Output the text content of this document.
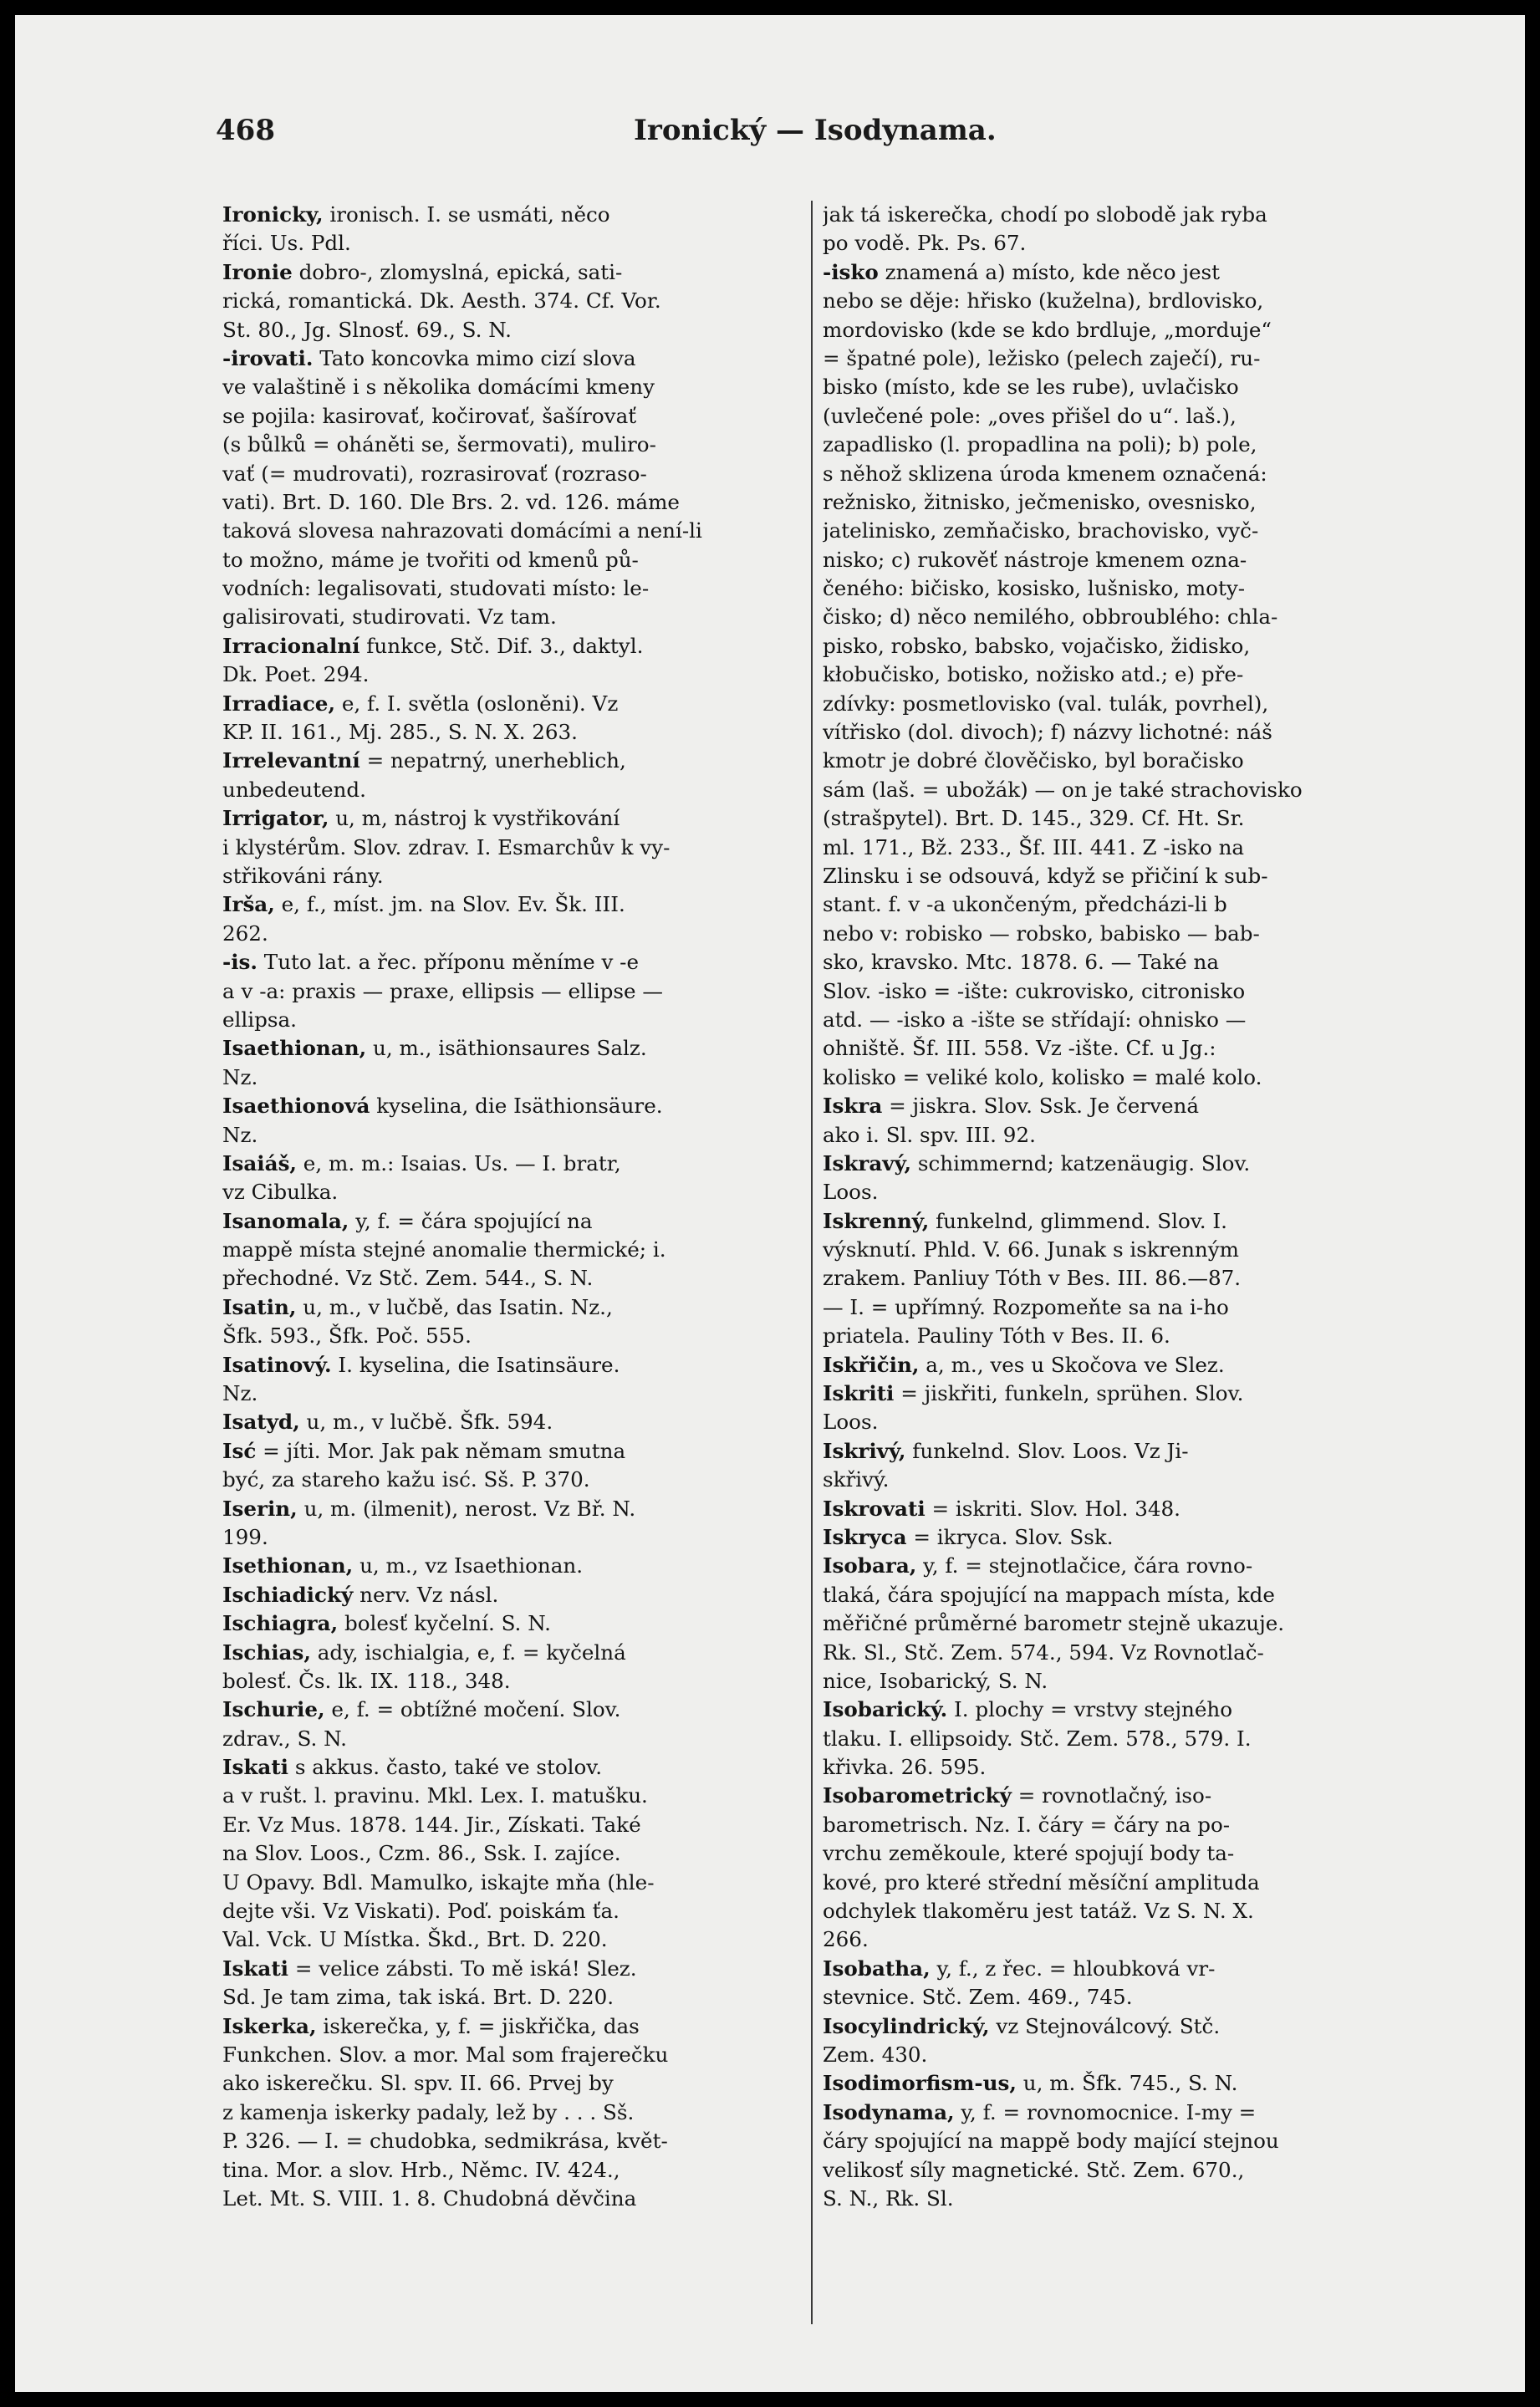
468	Ironický — Isodynama.
Ironicky, ironisch. I. se usmáti, něco
říci. Us. Pdl.
Ironie dobro-, zlomyslná, epická, sati-
rická, romantická. Dk. Aesth. 374. Cf. Vor.
St. 80., Jg. Slnosť. 69., S. N.
-irovati. Tato koncovka mimo cizí slova
ve valaštině i s několika domácími kmeny
se pojila: kasirovať, kočirovať, šašírovať
(s bůlků = oháněti se, šermovati), muliro-
vať (= mudrovati), rozrasirovať (rozraso-
vati). Brt. D. 160. Dle Brs. 2. vd. 126. máme
taková slovesa nahrazovati domácími a není-li
to možno, máme je tvořiti od kmenů pů-
vodních: legalisovati, studovati místo: le-
galisirovati, studirovati. Vz tam.
Irracionalní funkce, Stč. Dif. 3., daktyl.
Dk. Poet. 294.
Irradiace, e, f. I. světla (osloněni). Vz
KP. II. 161., Mj. 285., S. N. X. 263.
Irrelevantní = nepatrný, unerheblich,
unbedeutend.
Irrigator, u, m, nástroj k vystřikování
i klystérům. Slov. zdrav. I. Esmarchův k vy-
střikováni rány.
Irša, e, f., míst. jm. na Slov. Ev. Šk. III.
262.
-is. Tuto lat. a řec. příponu měníme v -e
a v -a: praxis — praxe, ellipsis — ellipse —
ellipsa.
Isaethionan, u, m., isäthionsaures Salz.
Nz.
Isaethionová kyselina, die Isäthionsäure.
Nz.
Isaiáš, e, m. m.: Isaias. Us. — I. bratr,
vz Cibulka.
Isanomala, y, f. = čára spojující na
mappě místa stejné anomalie thermické; i.
přechodné. Vz Stč. Zem. 544., S. N.
Isatin, u, m., v lučbě, das Isatin. Nz.,
Šfk. 593., Šfk. Poč. 555.
Isatinový. I. kyselina, die Isatinsäure.
Nz.
Isatyd, u, m., v lučbě. Šfk. 594.
Isć = jíti. Mor. Jak pak němam smutna
być, za stareho kažu isć. Sš. P. 370.
Iserin, u, m. (ilmenit), nerost. Vz Bř. N.
199.
Isethionan, u, m., vz Isaethionan.
Ischiadický nerv. Vz násl.
Ischiagra, bolesť kyčelní. S. N.
Ischias, ady, ischialgia, e, f. = kyčelná
bolesť. Čs. lk. IX. 118., 348.
Ischurie, e, f. = obtížné močení. Slov.
zdrav., S. N.
Iskati s akkus. často, také ve stolov.
a v rušt. l. pravinu. Mkl. Lex. I. matušku.
Er. Vz Mus. 1878. 144. Jir., Získati. Také
na Slov. Loos., Czm. 86., Ssk. I. zajíce.
U Opavy. Bdl. Mamulko, iskajte mňa (hle-
dejte vši. Vz Viskati). Poď. poiskám ťa.
Val. Vck. U Místka. Škd., Brt. D. 220.
Iskati = velice zábsti. To mě iská! Slez.
Sd. Je tam zima, tak iská. Brt. D. 220.
Iskerka, iskerečka, y, f. = jiskřička, das
Funkchen. Slov. a mor. Mal som frajerečku
ako iskerečku. Sl. spv. II. 66. Prvej by
z kamenja iskerky padaly, lež by . . . Sš.
P. 326. — I. = chudobka, sedmikrása, květ-
tina. Mor. a slov. Hrb., Němc. IV. 424.,
Let. Mt. S. VIII. 1. 8. Chudobná děvčina
jak tá iskerečka, chodí po slobodě jak ryba
po vodě. Pk. Ps. 67.
-isko znamená a) místo, kde něco jest
nebo se děje: hřisko (kuželna), brdlovisko,
mordovisko (kde se kdo brdluje, „morduje“
= špatné pole), ležisko (pelech zaječí), ru-
bisko (místo, kde se les rube), uvlačisko
(uvlečené pole: „oves přišel do u“. laš.),
zapadlisko (l. propadlina na poli); b) pole,
s něhož sklizena úroda kmenem označená:
režnisko, žitnisko, ječmenisko, ovesnisko,
jatelinisko, zemňačisko, brachovisko, vyč-
nisko; c) rukověť nástroje kmenem ozna-
čeného: bičisko, kosisko, lušnisko, moty-
čisko; d) něco nemilého, obbroublého: chla-
pisko, robsko, babsko, vojačisko, židisko,
kłobučisko, botisko, nožisko atd.; e) pře-
zdívky: posmetlovisko (val. tulák, povrhel),
vítřisko (dol. divoch); f) názvy lichotné: náš
kmotr je dobré člověčisko, byl boračisko
sám (laš. = ubožák) — on je také strachovisko
(strašpytel). Brt. D. 145., 329. Cf. Ht. Sr.
ml. 171., Bž. 233., Šf. III. 441. Z -isko na
Zlinsku i se odsouvá, když se přičiní k sub-
stant. f. v -a ukončeným, předcházi-li b
nebo v: robisko — robsko, babisko — bab-
sko, kravsko. Mtc. 1878. 6. — Také na
Slov. -isko = -ište: cukrovisko, citronisko
atd. — -isko a -ište se střídají: ohnisko —
ohniště. Šf. III. 558. Vz -ište. Cf. u Jg.:
kolisko = veliké kolo, kolisko = malé kolo.
Iskra = jiskra. Slov. Ssk. Je červená
ako i. Sl. spv. III. 92.
Iskravý, schimmernd; katzenäugig. Slov.
Loos.
Iskrenný, funkelnd, glimmend. Slov. I.
výsknutí. Phld. V. 66. Junak s iskrenným
zrakem. Panliuy Tóth v Bes. III. 86.—87.
— I. = upřímný. Rozpomeňte sa na i-ho
priatela. Pauliny Tóth v Bes. II. 6.
Iskřičin, a, m., ves u Skočova ve Slez.
Iskriti = jiskřiti, funkeln, sprühen. Slov.
Loos.
Iskrivý, funkelnd. Slov. Loos. Vz Ji-
skřivý.
Iskrovati = iskriti. Slov. Hol. 348.
Iskryca = ikryca. Slov. Ssk.
Isobara, y, f. = stejnotlačice, čára rovno-
tlaká, čára spojující na mappach místa, kde
měřičné průměrné barometr stejně ukazuje.
Rk. Sl., Stč. Zem. 574., 594. Vz Rovnotlač-
nice, Isobarický, S. N.
Isobarický. I. plochy = vrstvy stejného
tlaku. I. ellipsoidy. Stč. Zem. 578., 579. I.
křivka. 26. 595.
Isobarometrický = rovnotlačný, iso-
barometrisch. Nz. I. čáry = čáry na po-
vrchu zeměkoule, které spojují body ta-
kové, pro které střední měsíční amplituda
odchylek tlakoměru jest tatáž. Vz S. N. X.
266.
Isobatha, y, f., z řec. = hloubková vr-
stevnice. Stč. Zem. 469., 745.
Isocylindrický, vz Stejnoválcový. Stč.
Zem. 430.
Isodimorfism-us, u, m. Šfk. 745., S. N.
Isodynama, y, f. = rovnomocnice. I-my =
čáry spojující na mappě body mající stejnou
velikosť síly magnetické. Stč. Zem. 670.,
S. N., Rk. Sl.
